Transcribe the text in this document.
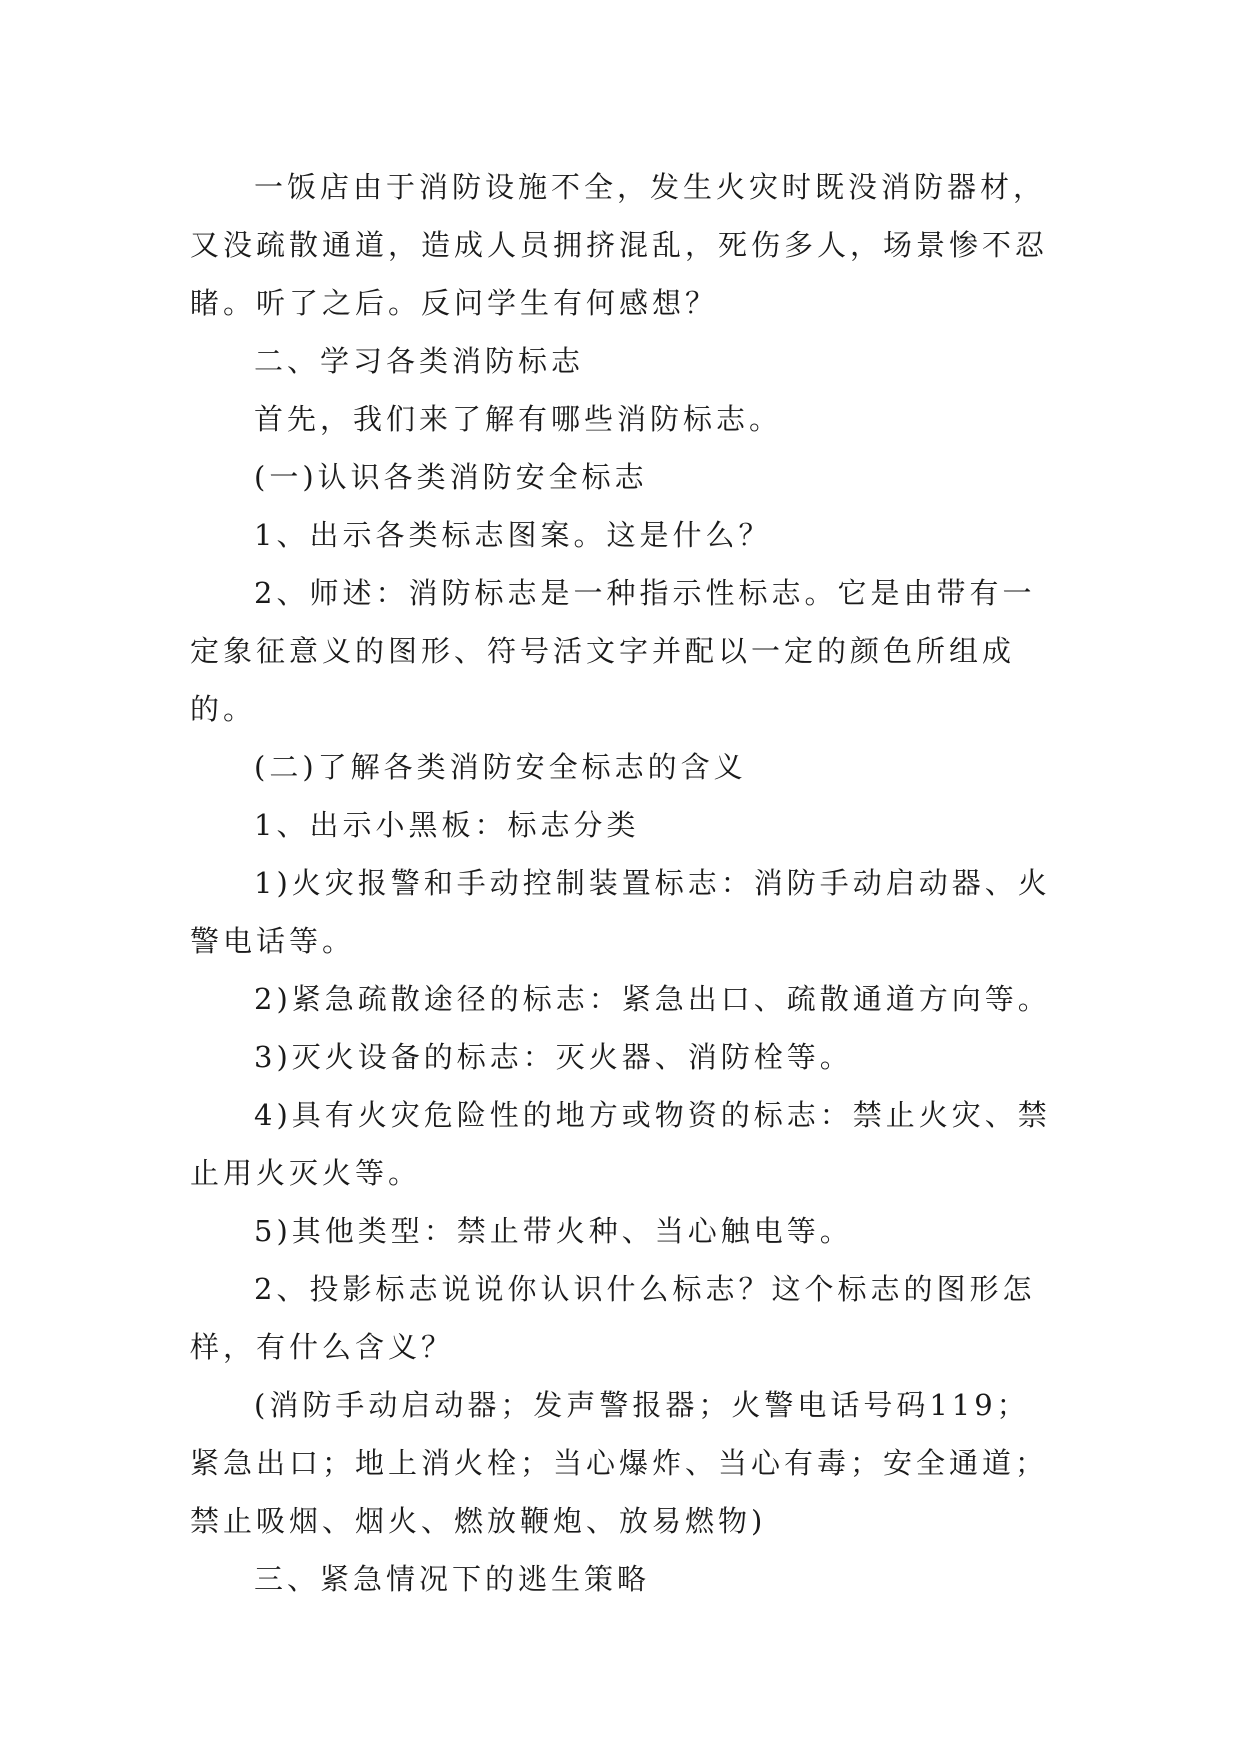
一饭店由于消防设施不全，发生火灾时既没消防器材，又没疏散通道，造成人员拥挤混乱，死伤多人，场景惨不忍睹。听了之后。反问学生有何感想？

二、学习各类消防标志

首先，我们来了解有哪些消防标志。

(一)认识各类消防安全标志

1、出示各类标志图案。这是什么？

2、师述：消防标志是一种指示性标志。它是由带有一定象征意义的图形、符号活文字并配以一定的颜色所组成的。

(二)了解各类消防安全标志的含义

1、出示小黑板：标志分类

1)火灾报警和手动控制装置标志：消防手动启动器、火警电话等。

2)紧急疏散途径的标志：紧急出口、疏散通道方向等。

3)灭火设备的标志：灭火器、消防栓等。

4)具有火灾危险性的地方或物资的标志：禁止火灾、禁止用火灭火等。

5)其他类型：禁止带火种、当心触电等。

2、投影标志说说你认识什么标志？这个标志的图形怎样，有什么含义？

(消防手动启动器；发声警报器；火警电话号码119；紧急出口；地上消火栓；当心爆炸、当心有毒；安全通道；禁止吸烟、烟火、燃放鞭炮、放易燃物)

三、紧急情况下的逃生策略
